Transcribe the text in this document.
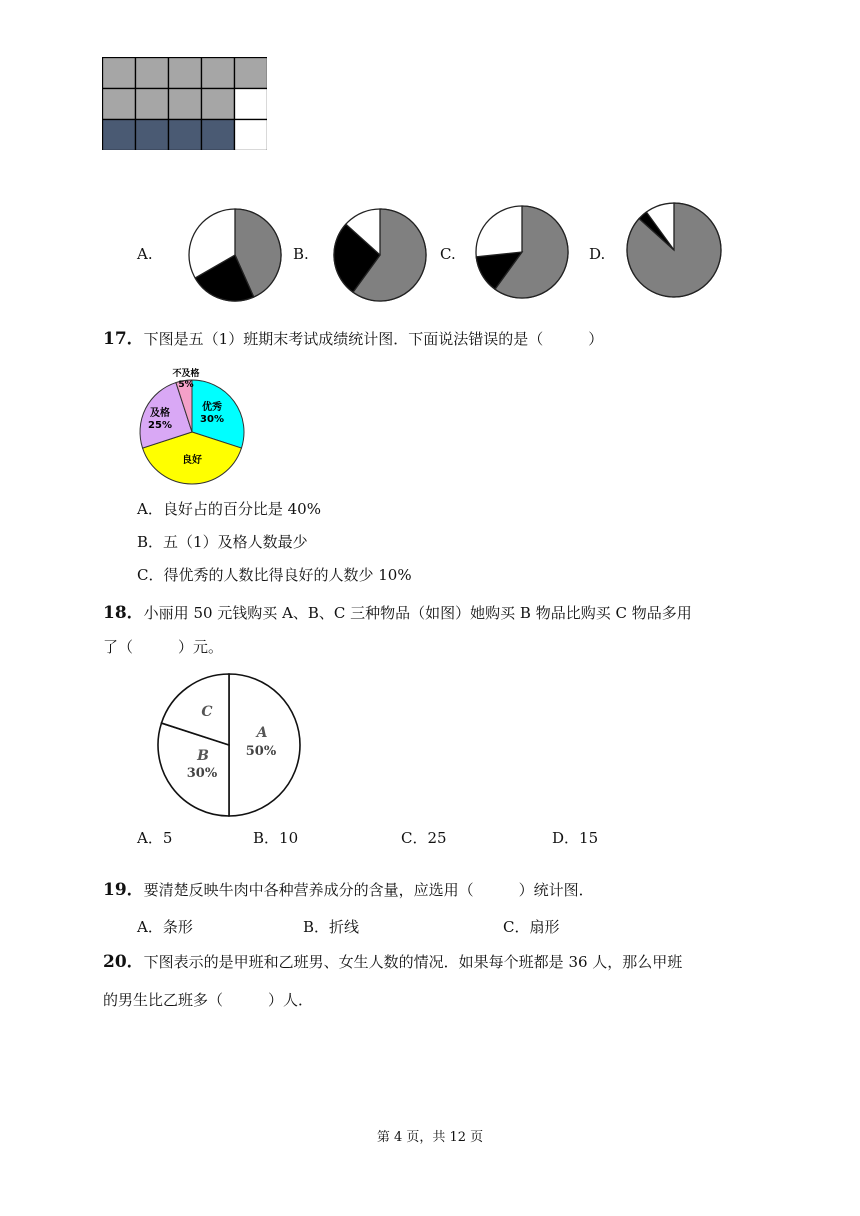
A.	B.	C.	D.
17．下图是五（1）班期末考试成绩统计图．下面说法错误的是（　　　）
优秀
30%
良好
及格
25%
不及格
5%
A．良好占的百分比是 40%
B．五（1）及格人数最少
C．得优秀的人数比得良好的人数少 10%
18．小丽用 50 元钱购买 A、B、C 三种物品（如图）她购买 B 物品比购买 C 物品多用
了（　　　）元。
A
50%
B
30%
C
A．5	B．10	C．25	D．15
19．要清楚反映牛肉中各种营养成分的含量，应选用（　　　）统计图．
A．条形	B．折线	C．扇形
20．下图表示的是甲班和乙班男、女生人数的情况．如果每个班都是 36 人，那么甲班
的男生比乙班多（　　　）人．
第 4 页，共 12 页
